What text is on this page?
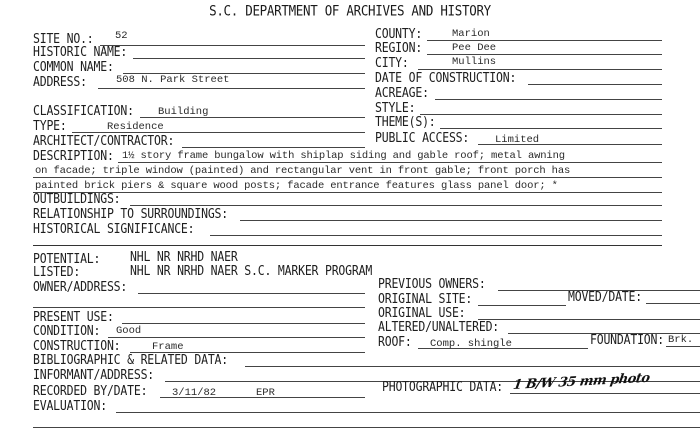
S.C. DEPARTMENT OF ARCHIVES AND HISTORY
SITE NO.: 52	COUNTY:	Marion
HISTORIC NAME:	REGION:	Pee Dee
COMMON NAME:	CITY:	Mullins
ADDRESS:	508 N. Park Street	DATE OF CONSTRUCTION:
ACREAGE:
CLASSIFICATION: Building	STYLE:
TYPE:	Residence	THEME(S):
ARCHITECT/CONTRACTOR:	PUBLIC ACCESS: Limited
DESCRIPTION: 1½ story frame bungalow with shiplap siding and gable roof; metal awning
on facade; triple window (painted) and rectangular vent in front gable; front porch has
painted brick piers & square wood posts; facade entrance features glass panel door; *
OUTBUILDINGS:
RELATIONSHIP TO SURROUNDINGS:
HISTORICAL SIGNIFICANCE:
POTENTIAL:	NHL NR NRHD NAER
LISTED:	NHL NR NRHD NAER S.C. MARKER PROGRAM
OWNER/ADDRESS:	PREVIOUS OWNERS:
ORIGINAL SITE:	MOVED/DATE:
PRESENT USE:	ORIGINAL USE:
CONDITION: Good	ALTERED/UNALTERED:
CONSTRUCTION:	Frame	ROOF: Comp. shingle	FOUNDATION: Brk.
BIBLIOGRAPHIC & RELATED DATA:
INFORMANT/ADDRESS:
RECORDED BY/DATE: 3/11/82	EPR	PHOTOGRAPHIC DATA: 1 B/W 35 mm photo
EVALUATION:
